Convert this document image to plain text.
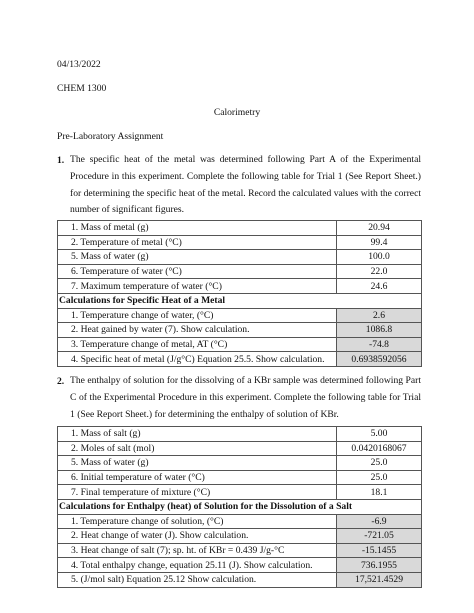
04/13/2022
CHEM 1300
Calorimetry
Pre-Laboratory Assignment
1. The specific heat of the metal was determined following Part A of the Experimental Procedure in this experiment. Complete the following table for Trial 1 (See Report Sheet.) for determining the specific heat of the metal. Record the calculated values with the correct number of significant figures.
1. Mass of metal (g)	20.94
2. Temperature of metal (°C)	99.4
5. Mass of water (g)	100.0
6. Temperature of water (°C)	22.0
7. Maximum temperature of water (°C)	24.6
Calculations for Specific Heat of a Metal	
1. Temperature change of water, (°C)	2.6
2. Heat gained by water (7). Show calculation.	1086.8
3. Temperature change of metal, AT (°C)	-74.8
4. Specific heat of metal (J/g°C) Equation 25.5. Show calculation.	0.6938592056
2. The enthalpy of solution for the dissolving of a KBr sample was determined following Part C of the Experimental Procedure in this experiment. Complete the following table for Trial 1 (See Report Sheet.) for determining the enthalpy of solution of KBr.
1. Mass of salt (g)	5.00
2. Moles of salt (mol)	0.0420168067
5. Mass of water (g)	25.0
6. Initial temperature of water (°C)	25.0
7. Final temperature of mixture (°C)	18.1
Calculations for Enthalpy (heat) of Solution for the Dissolution of a Salt	
1. Temperature change of solution, (°C)	-6.9
2. Heat change of water (J). Show calculation.	-721.05
3. Heat change of salt (7); sp. ht. of KBr = 0.439 J/g-°C	-15.1455
4. Total enthalpy change, equation 25.11 (J). Show calculation.	736.1955
5. (J/mol salt) Equation 25.12 Show calculation.	17,521.4529
